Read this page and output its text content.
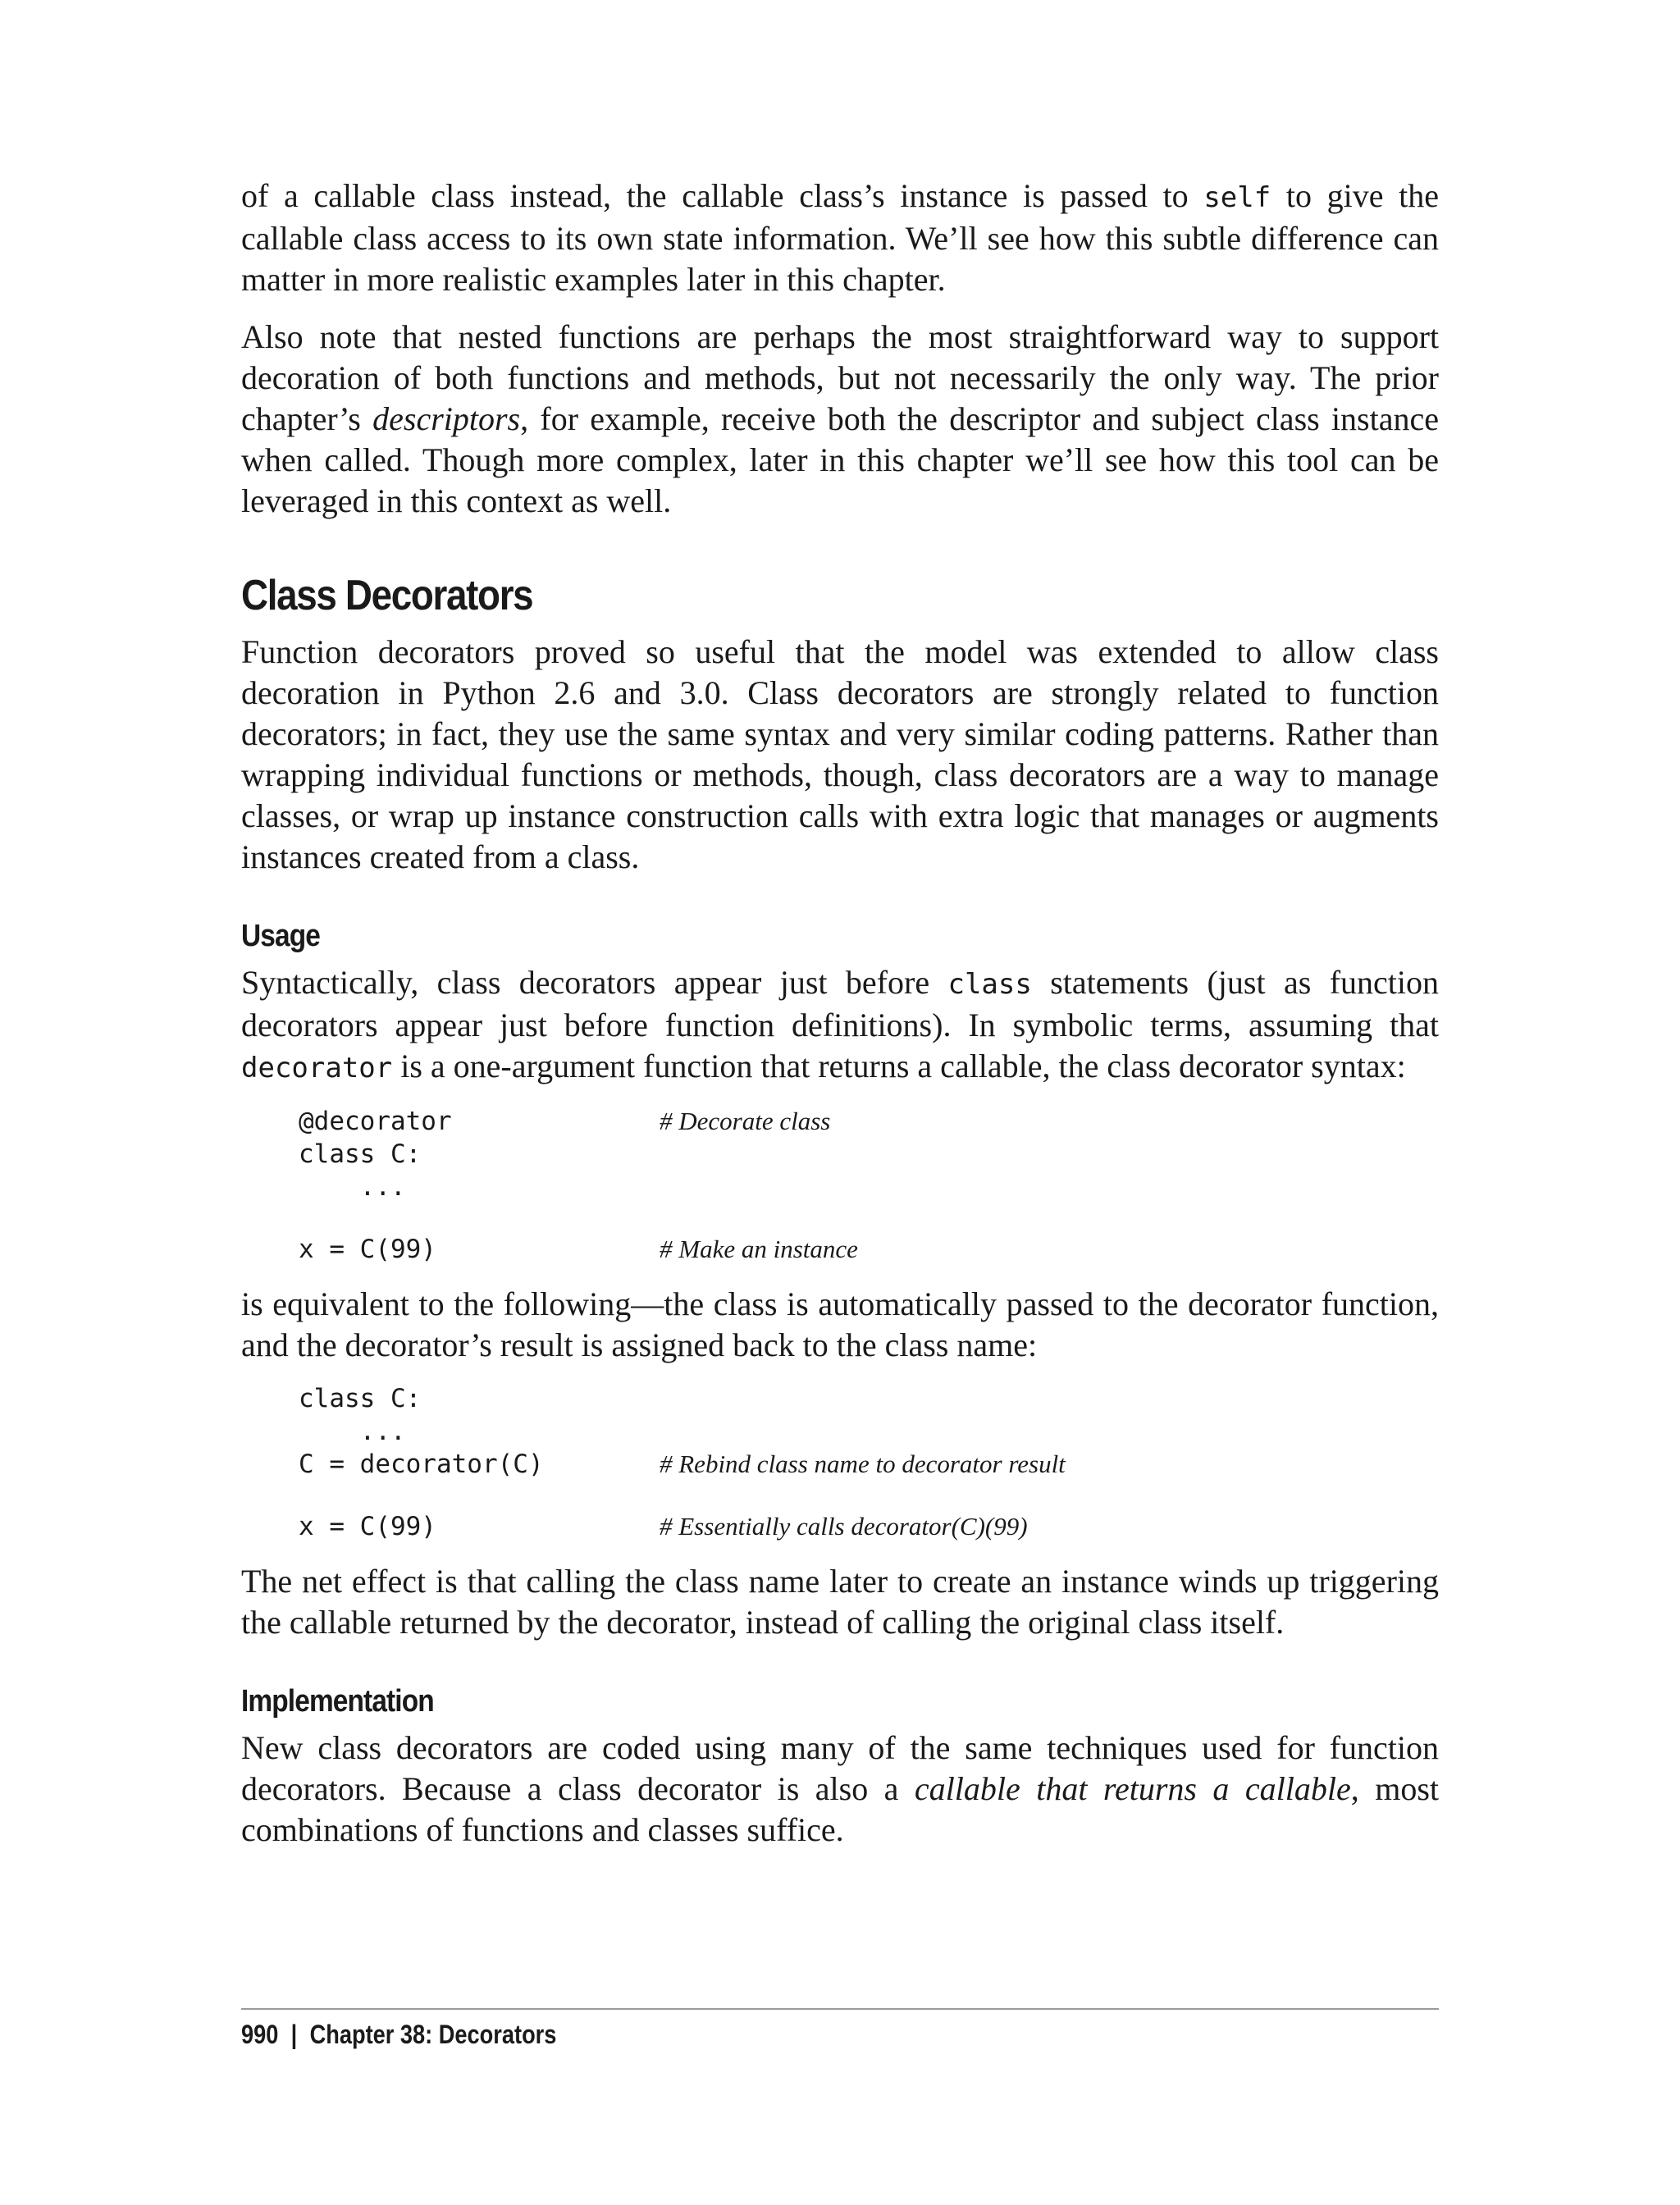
of a callable class instead, the callable class’s instance is passed to self to give the callable class access to its own state information. We’ll see how this subtle difference can matter in more realistic examples later in this chapter.

Also note that nested functions are perhaps the most straightforward way to support decoration of both functions and methods, but not necessarily the only way. The prior chapter’s descriptors, for example, receive both the descriptor and subject class instance when called. Though more complex, later in this chapter we’ll see how this tool can be leveraged in this context as well.

Class Decorators

Function decorators proved so useful that the model was extended to allow class decoration in Python 2.6 and 3.0. Class decorators are strongly related to function decorators; in fact, they use the same syntax and very similar coding patterns. Rather than wrapping individual functions or methods, though, class decorators are a way to manage classes, or wrap up instance construction calls with extra logic that manages or augments instances created from a class.

Usage

Syntactically, class decorators appear just before class statements (just as function decorators appear just before function definitions). In symbolic terms, assuming that decorator is a one-argument function that returns a callable, the class decorator syntax:

@decorator	# Decorate class
class C:
...
x = C(99)	# Make an instance

is equivalent to the following—the class is automatically passed to the decorator function, and the decorator’s result is assigned back to the class name:

class C:
...
C = decorator(C)	# Rebind class name to decorator result
x = C(99)	# Essentially calls decorator(C)(99)

The net effect is that calling the class name later to create an instance winds up triggering the callable returned by the decorator, instead of calling the original class itself.

Implementation

New class decorators are coded using many of the same techniques used for function decorators. Because a class decorator is also a callable that returns a callable, most combinations of functions and classes suffice.

990 | Chapter 38: Decorators
